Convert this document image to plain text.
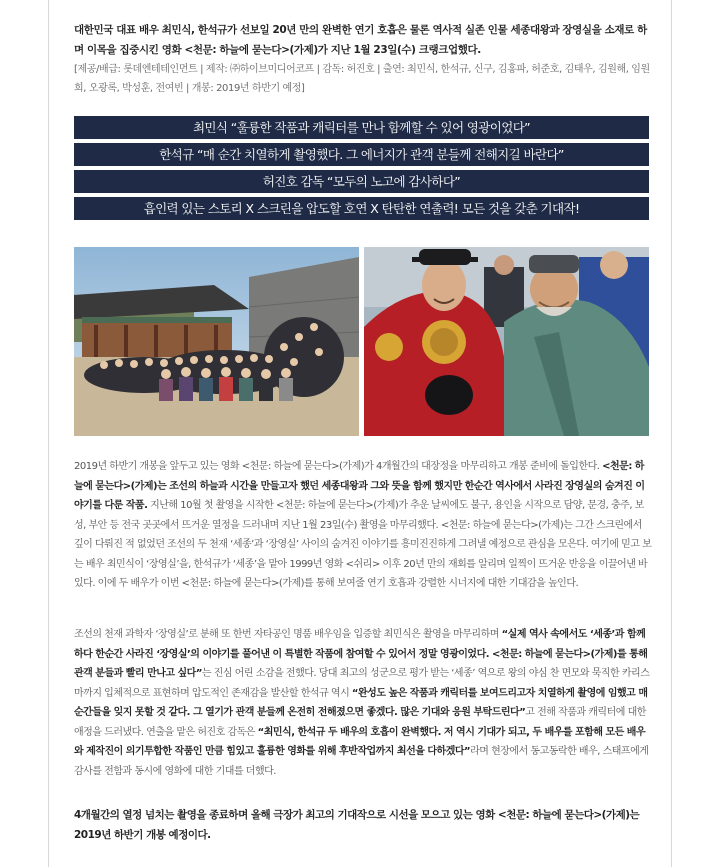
대한민국 대표 배우 최민식, 한석규가 선보일 20년 만의 완벽한 연기 호흡은 물론 역사적 실존 인물 세종대왕과 장영실을 소재로 하며 이목을 집중시킨 영화 <천문: 하늘에 묻는다>(가제)가 지난 1월 23일(수) 크랭크업했다.

[제공/배급: 롯데엔테테인먼트 | 제작: ㈜하이브미디어코프 | 감독: 허진호 | 출연: 최민식, 한석규, 신구, 김홍파, 허준호, 김태우, 김원해, 임원희, 오광록, 박성훈, 전여빈 | 개봉: 2019년 하반기 예정]

최민식 “훌륭한 작품과 캐릭터를 만나 함께할 수 있어 영광이었다”
한석규 “매 순간 치열하게 촬영했다. 그 에너지가 관객 분들께 전해지길 바란다”
허진호 감독 “모두의 노고에 감사하다”
흡인력 있는 스토리 X 스크린을 압도할 호연 X 탄탄한 연출력! 모든 것을 갖춘 기대작!

2019년 하반기 개봉을 앞두고 있는 영화 <천문: 하늘에 묻는다>(가제)가 4개월간의 대장정을 마무리하고 개봉 준비에 돌입한다. <천문: 하늘에 묻는다>(가제)는 조선의 하늘과 시간을 만들고자 했던 세종대왕과 그와 뜻을 함께 했지만 한순간 역사에서 사라진 장영실의 숨겨진 이야기를 다룬 작품. 지난해 10월 첫 촬영을 시작한 <천문: 하늘에 묻는다>(가제)가 추운 날씨에도 불구, 용인을 시작으로 담양, 문경, 충주, 보성, 부안 등 전국 곳곳에서 뜨거운 열정을 드러내며 지난 1월 23일(수) 촬영을 마무리했다. <천문: 하늘에 묻는다>(가제)는 그간 스크린에서 깊이 다뤄진 적 없었던 조선의 두 천재 ‘세종’과 ‘장영실’ 사이의 숨겨진 이야기를 흥미진진하게 그려낼 예정으로 관심을 모은다. 여기에 믿고 보는 배우 최민식이 ‘장영실’을, 한석규가 ‘세종’을 맡아 1999년 영화 <쉬리> 이후 20년 만의 재회를 알리며 일찍이 뜨거운 반응을 이끌어낸 바 있다. 이에 두 배우가 이번 <천문: 하늘에 묻는다>(가제)를 통해 보여줄 연기 호흡과 강렬한 시너지에 대한 기대감을 높인다.

조선의 천재 과학자 ‘장영실’로 분해 또 한번 자타공인 명품 배우임을 입증할 최민식은 촬영을 마무리하며 “실제 역사 속에서도 ‘세종’과 함께 하다 한순간 사라진 ‘장영실’의 이야기를 풀어낸 이 특별한 작품에 참여할 수 있어서 정말 영광이었다. <천문: 하늘에 묻는다>(가제)를 통해 관객 분들과 빨리 만나고 싶다”는 진심 어린 소감을 전했다. 당대 최고의 성군으로 평가 받는 ‘세종’ 역으로 왕의 야심 찬 면모와 묵직한 카리스마까지 입체적으로 표현하며 압도적인 존재감을 발산할 한석규 역시 “완성도 높은 작품과 캐릭터를 보여드리고자 치열하게 촬영에 임했고 매 순간들을 잊지 못할 것 같다. 그 열기가 관객 분들께 온전히 전해졌으면 좋겠다. 많은 기대와 응원 부탁드린다”고 전해 작품과 캐릭터에 대한 애정을 드러냈다. 연출을 맡은 허진호 감독은 “최민식, 한석규 두 배우의 호흡이 완벽했다. 저 역시 기대가 되고, 두 배우를 포함해 모든 배우와 제작진이 의기투합한 작품인 만큼 힘있고 훌륭한 영화를 위해 후반작업까지 최선을 다하겠다”라며 현장에서 동고동락한 배우, 스태프에게 감사를 전함과 동시에 영화에 대한 기대를 더했다.

4개월간의 열정 넘치는 촬영을 종료하며 올해 극장가 최고의 기대작으로 시선을 모으고 있는 영화 <천문: 하늘에 묻는다>(가제)는 2019년 하반기 개봉 예정이다.
